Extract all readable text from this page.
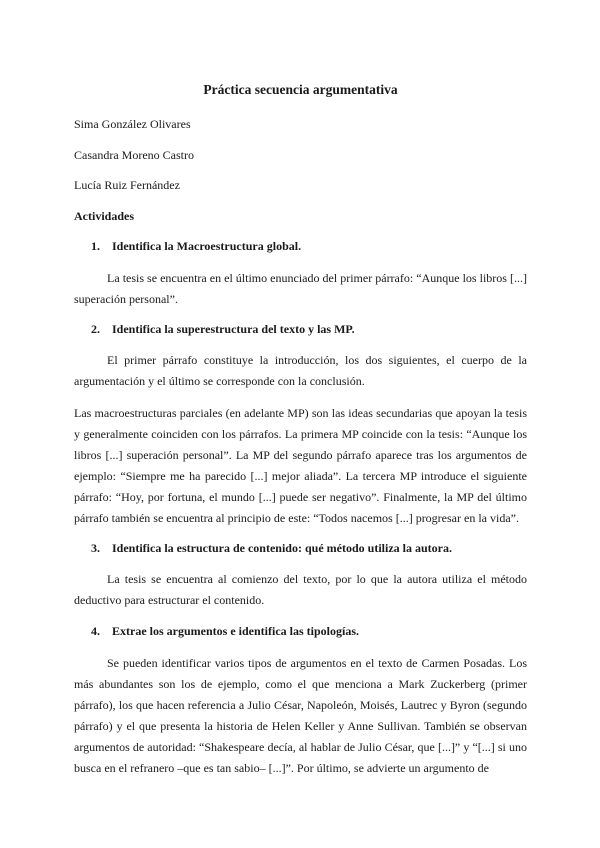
Práctica secuencia argumentativa

Sima González Olivares

Casandra Moreno Castro

Lucía Ruiz Fernández

Actividades

1. Identifica la Macroestructura global.

La tesis se encuentra en el último enunciado del primer párrafo: “Aunque los libros [...] superación personal”.

2. Identifica la superestructura del texto y las MP.

El primer párrafo constituye la introducción, los dos siguientes, el cuerpo de la argumentación y el último se corresponde con la conclusión.

Las macroestructuras parciales (en adelante MP) son las ideas secundarias que apoyan la tesis y generalmente coinciden con los párrafos. La primera MP coincide con la tesis: “Aunque los libros [...] superación personal”. La MP del segundo párrafo aparece tras los argumentos de ejemplo: “Siempre me ha parecido [...] mejor aliada”. La tercera MP introduce el siguiente párrafo: “Hoy, por fortuna, el mundo [...] puede ser negativo”. Finalmente, la MP del último párrafo también se encuentra al principio de este: “Todos nacemos [...] progresar en la vida”.

3. Identifica la estructura de contenido: qué método utiliza la autora.

La tesis se encuentra al comienzo del texto, por lo que la autora utiliza el método deductivo para estructurar el contenido.

4. Extrae los argumentos e identifica las tipologías.

Se pueden identificar varios tipos de argumentos en el texto de Carmen Posadas. Los más abundantes son los de ejemplo, como el que menciona a Mark Zuckerberg (primer párrafo), los que hacen referencia a Julio César, Napoleón, Moisés, Lautrec y Byron (segundo párrafo) y el que presenta la historia de Helen Keller y Anne Sullivan. También se observan argumentos de autoridad: “Shakespeare decía, al hablar de Julio César, que [...]” y “[...] si uno busca en el refranero –que es tan sabio– [...]”. Por último, se advierte un argumento de
